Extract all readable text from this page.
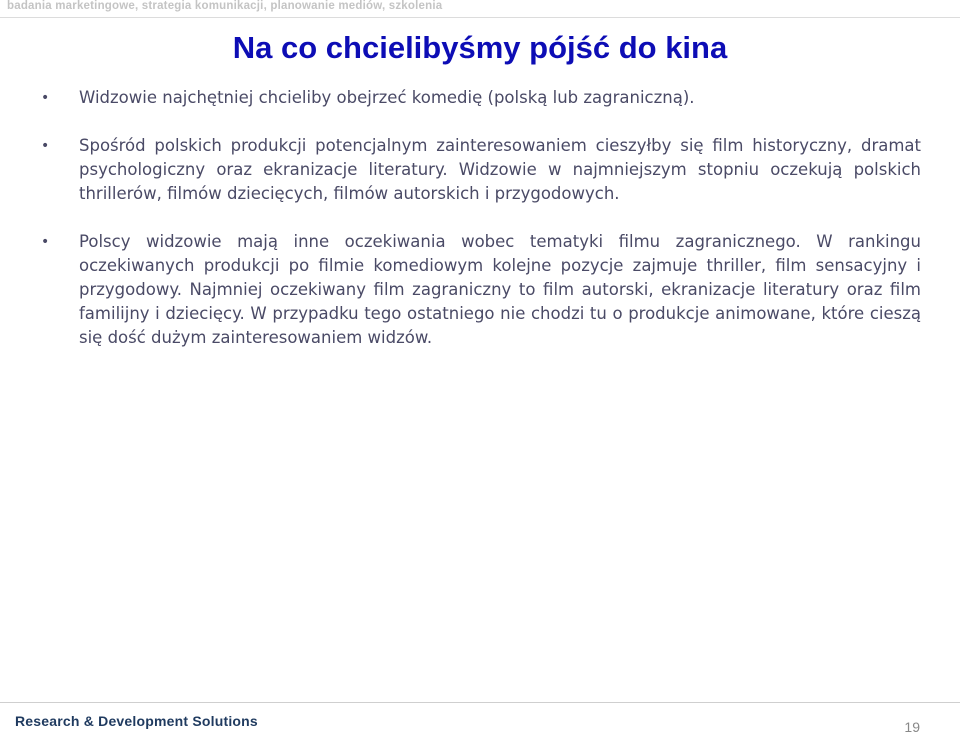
badania marketingowe, strategia komunikacji, planowanie mediów, szkolenia
Na co chcielibyśmy pójść do kina
• Widzowie najchętniej chcieliby obejrzeć komedię (polską lub zagraniczną).
• Spośród polskich produkcji potencjalnym zainteresowaniem cieszyłby się film historyczny, dramat psychologiczny oraz ekranizacje literatury. Widzowie w najmniejszym stopniu oczekują polskich thrillerów, filmów dziecięcych, filmów autorskich i przygodowych.
• Polscy widzowie mają inne oczekiwania wobec tematyki filmu zagranicznego. W rankingu oczekiwanych produkcji po filmie komediowym kolejne pozycje zajmuje thriller, film sensacyjny i przygodowy. Najmniej oczekiwany film zagraniczny to film autorski, ekranizacje literatury oraz film familijny i dziecięcy. W przypadku tego ostatniego nie chodzi tu o produkcje animowane, które cieszą się dość dużym zainteresowaniem widzów.
Research & Development Solutions	19
